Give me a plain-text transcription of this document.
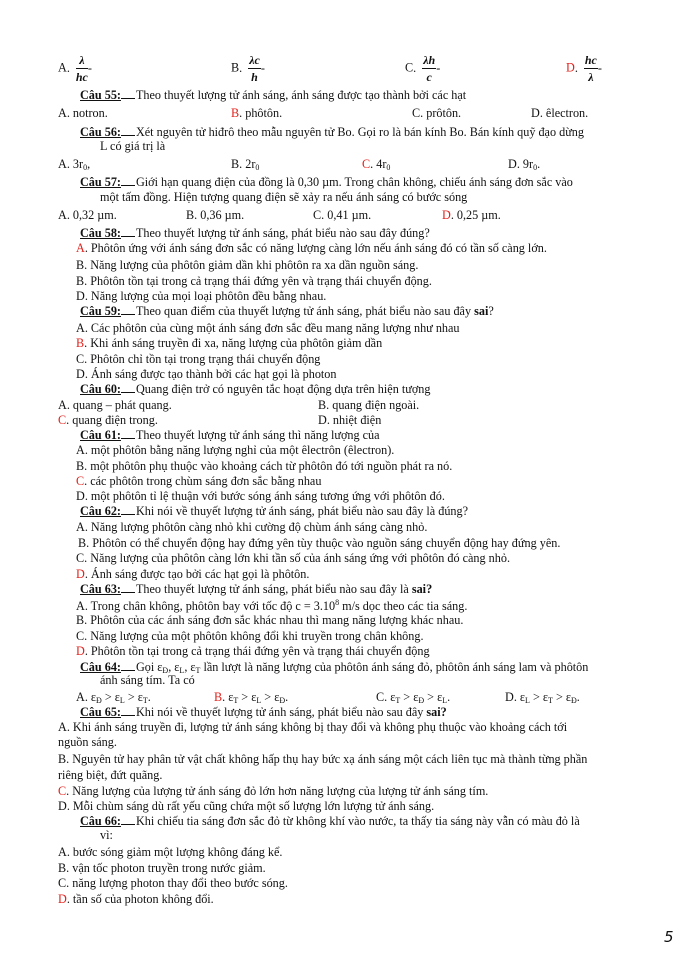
A. $\frac{\lambda}{hc}$ -	B. $\frac{\lambda c}{h}$ -	C. $\frac{\lambda h}{c}$ -	D. $\frac{hc}{\lambda}$ -
Câu 55: Theo thuyết lượng tử ánh sáng, ánh sáng được tạo thành bởi các hạt
A. notron.	B. phôtôn.	C. prôtôn.	D. êlectron.
Câu 56: Xét nguyên tử hiđrô theo mẫu nguyên tử Bo. Gọi ro là bán kính Bo. Bán kính quỹ đạo dừng
L có giá trị là
A. $3r_0$,	B. $2r_0$	C. $4r_0$	D. $9r_0$.
Câu 57: Giới hạn quang điện của đồng là 0,30 µm. Trong chân không, chiếu ánh sáng đơn sắc vào
một tấm đồng. Hiện tượng quang điện sẽ xảy ra nếu ánh sáng có bước sóng
A. 0,32 µm.	B. 0,36 µm.	C. 0,41 µm.	D. 0,25 µm.
Câu 58: Theo thuyết lượng tử ánh sáng, phát biểu nào sau đây đúng?
A. Phôtôn ứng với ánh sáng đơn sắc có năng lượng càng lớn nếu ánh sáng đó có tần số càng lớn.
B. Năng lượng của phôtôn giảm dần khi phôtôn ra xa dần nguồn sáng.
B. Phôtôn tồn tại trong cả trạng thái đứng yên và trạng thái chuyển động.
D. Năng lượng của mọi loại phôtôn đều bằng nhau.
Câu 59: Theo quan điểm của thuyết lượng tử ánh sáng, phát biểu nào sau đây sai?
A. Các phôtôn của cùng một ánh sáng đơn sắc đều mang năng lượng như nhau
B. Khi ánh sáng truyền đi xa, năng lượng của phôtôn giảm dần
C. Phôtôn chỉ tồn tại trong trạng thái chuyển động
D. Ánh sáng được tạo thành bởi các hạt gọi là photon
Câu 60: Quang điện trở có nguyên tắc hoạt động dựa trên hiện tượng
A. quang – phát quang.	B. quang điện ngoài.
C. quang điện trong.	D. nhiệt điện
Câu 61: Theo thuyết lượng tử ánh sáng thì năng lượng của
A. một phôtôn bằng năng lượng nghỉ của một êlectrôn (êlectron).
B. một phôtôn phụ thuộc vào khoảng cách từ phôtôn đó tới nguồn phát ra nó.
C. các phôtôn trong chùm sáng đơn sắc bằng nhau
D. một phôtôn tỉ lệ thuận với bước sóng ánh sáng tương ứng với phôtôn đó.
Câu 62: Khi nói về thuyết lượng tử ánh sáng, phát biểu nào sau đây là đúng?
A. Năng lượng phôtôn càng nhỏ khi cường độ chùm ánh sáng càng nhỏ.
B. Phôtôn có thể chuyển động hay đứng yên tùy thuộc vào nguồn sáng chuyển động hay đứng yên.
C. Năng lượng của phôtôn càng lớn khi tần số của ánh sáng ứng với phôtôn đó càng nhỏ.
D. Ánh sáng được tạo bởi các hạt gọi là phôtôn.
Câu 63: Theo thuyết lượng tử ánh sáng, phát biểu nào sau đây là sai?
A. Trong chân không, phôtôn bay với tốc độ $c = 3.10^8$ m/s dọc theo các tia sáng.
B. Phôtôn của các ánh sáng đơn sắc khác nhau thì mang năng lượng khác nhau.
C. Năng lượng của một phôtôn không đổi khi truyền trong chân không.
D. Phôtôn tồn tại trong cả trạng thái đứng yên và trạng thái chuyển động
Câu 64: Gọi $\varepsilon_Đ$, $\varepsilon_L$, $\varepsilon_T$ lần lượt là năng lượng của phôtôn ánh sáng đỏ, phôtôn ánh sáng lam và phôtôn
ánh sáng tím. Ta có
A. $\varepsilon_Đ > \varepsilon_L > \varepsilon_T$.	B. $\varepsilon_T > \varepsilon_L > \varepsilon_Đ$.	C. $\varepsilon_T > \varepsilon_Đ > \varepsilon_L$.	D. $\varepsilon_L > \varepsilon_T > \varepsilon_Đ$.
Câu 65: Khi nói về thuyết lượng tử ánh sáng, phát biểu nào sau đây sai?
A. Khi ánh sáng truyền đi, lượng tử ánh sáng không bị thay đổi và không phụ thuộc vào khoảng cách tới
B. Nguyên tử hay phân tử vật chất không hấp thụ hay bức xạ ánh sáng một cách liên tục mà thành từng phần
C. Năng lượng của lượng tử ánh sáng đỏ lớn hơn năng lượng của lượng tử ánh sáng tím.
D. Mỗi chùm sáng dù rất yếu cũng chứa một số lượng lớn lượng tử ánh sáng.
nguồn sáng.
riêng biệt, đứt quãng.
Câu 66: Khi chiếu tia sáng đơn sắc đỏ từ không khí vào nước, ta thấy tia sáng này vẫn có màu đỏ là
vì:
A. bước sóng giảm một lượng không đáng kể.
B. vận tốc photon truyền trong nước giảm.
C. năng lượng photon thay đổi theo bước sóng.
D. tần số của photon không đổi.
5
